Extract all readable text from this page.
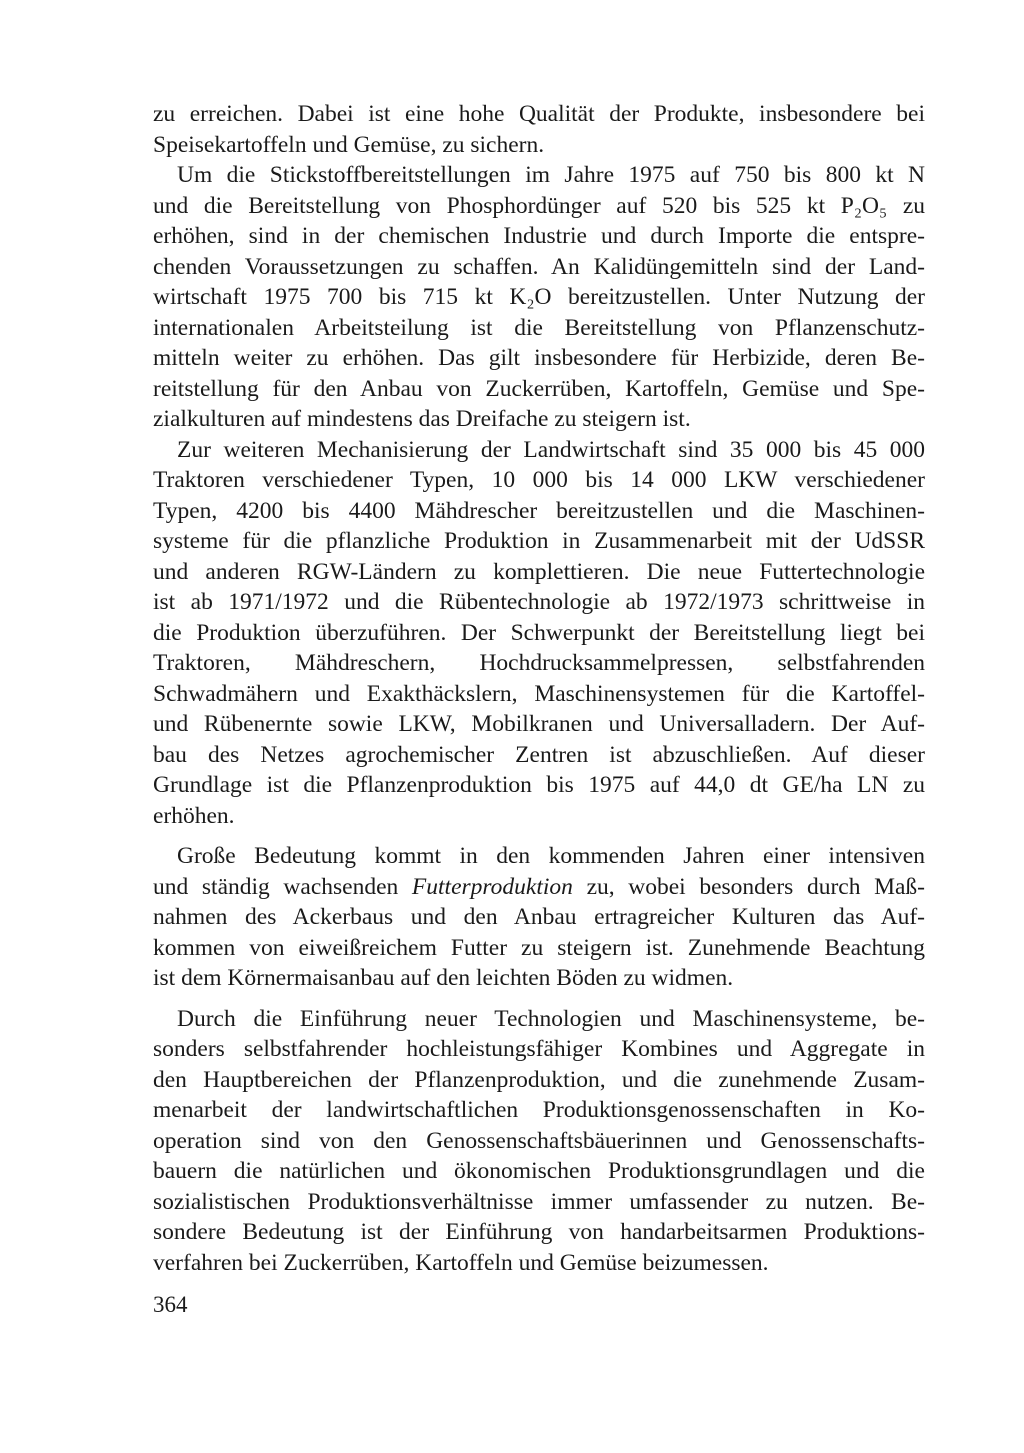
zu erreichen. Dabei ist eine hohe Qualität der Produkte, insbesondere bei
Speisekartoffeln und Gemüse, zu sichern.
Um die Stickstoffbereitstellungen im Jahre 1975 auf 750 bis 800 kt N
und die Bereitstellung von Phosphordünger auf 520 bis 525 kt P₂O₅ zu
erhöhen, sind in der chemischen Industrie und durch Importe die entspre-
chenden Voraussetzungen zu schaffen. An Kalidüngemitteln sind der Land-
wirtschaft 1975 700 bis 715 kt K₂O bereitzustellen. Unter Nutzung der
internationalen Arbeitsteilung ist die Bereitstellung von Pflanzenschutz-
mitteln weiter zu erhöhen. Das gilt insbesondere für Herbizide, deren Be-
reitstellung für den Anbau von Zuckerrüben, Kartoffeln, Gemüse und Spe-
zialkulturen auf mindestens das Dreifache zu steigern ist.
Zur weiteren Mechanisierung der Landwirtschaft sind 35 000 bis 45 000
Traktoren verschiedener Typen, 10 000 bis 14 000 LKW verschiedener
Typen, 4200 bis 4400 Mähdrescher bereitzustellen und die Maschinen-
systeme für die pflanzliche Produktion in Zusammenarbeit mit der UdSSR
und anderen RGW-Ländern zu komplettieren. Die neue Futtertechnologie
ist ab 1971/1972 und die Rübentechnologie ab 1972/1973 schrittweise in
die Produktion überzuführen. Der Schwerpunkt der Bereitstellung liegt bei
Traktoren, Mähdreschern, Hochdrucksammelpressen, selbstfahrenden
Schwadmähern und Exakthäckslern, Maschinensystemen für die Kartoffel-
und Rübenernte sowie LKW, Mobilkranen und Universalladern. Der Auf-
bau des Netzes agrochemischer Zentren ist abzuschließen. Auf dieser
Grundlage ist die Pflanzenproduktion bis 1975 auf 44,0 dt GE/ha LN zu
erhöhen.
Große Bedeutung kommt in den kommenden Jahren einer intensiven
und ständig wachsenden Futterproduktion zu, wobei besonders durch Maß-
nahmen des Ackerbaus und den Anbau ertragreicher Kulturen das Auf-
kommen von eiweißreichem Futter zu steigern ist. Zunehmende Beachtung
ist dem Körnermaisanbau auf den leichten Böden zu widmen.
Durch die Einführung neuer Technologien und Maschinensysteme, be-
sonders selbstfahrender hochleistungsfähiger Kombines und Aggregate in
den Hauptbereichen der Pflanzenproduktion, und die zunehmende Zusam-
menarbeit der landwirtschaftlichen Produktionsgenossenschaften in Ko-
operation sind von den Genossenschaftsbäuerinnen und Genossenschafts-
bauern die natürlichen und ökonomischen Produktionsgrundlagen und die
sozialistischen Produktionsverhältnisse immer umfassender zu nutzen. Be-
sondere Bedeutung ist der Einführung von handarbeitsarmen Produktions-
verfahren bei Zuckerrüben, Kartoffeln und Gemüse beizumessen.
364
